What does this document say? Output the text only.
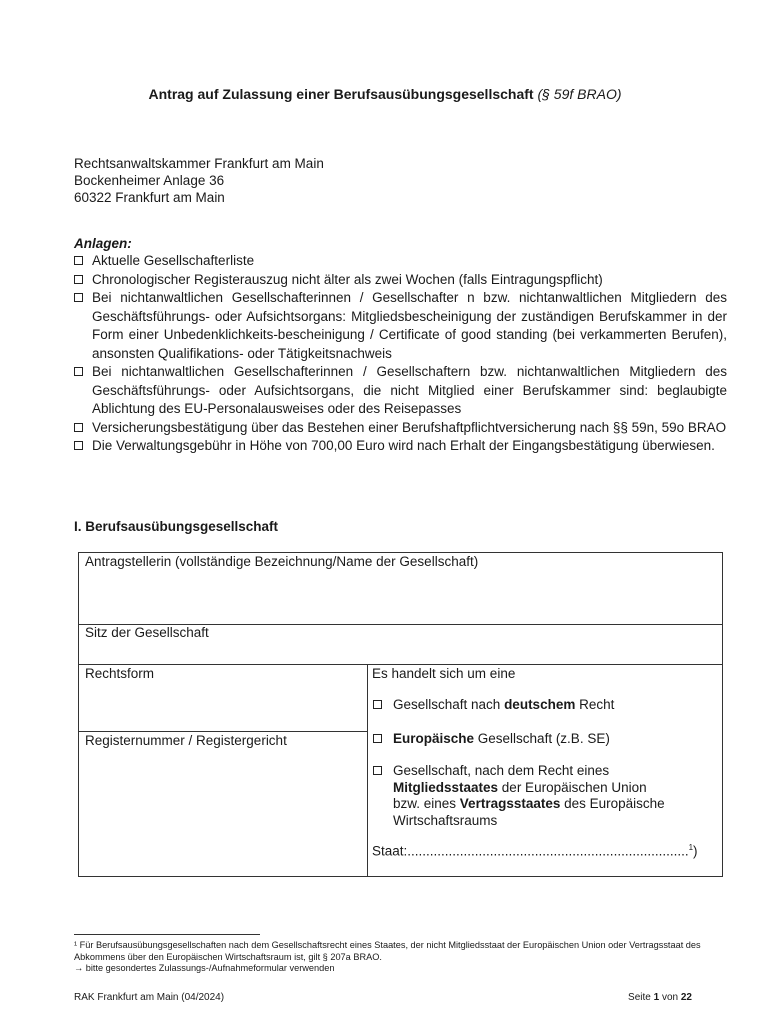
Antrag auf Zulassung einer Berufsausübungsgesellschaft (§ 59f BRAO)
Rechtsanwaltskammer Frankfurt am Main
Bockenheimer Anlage 36
60322 Frankfurt am Main
Anlagen:
Aktuelle Gesellschafterliste
Chronologischer Registerauszug nicht älter als zwei Wochen (falls Eintragungspflicht)
Bei nichtanwaltlichen Gesellschafterinnen / Gesellschafter n bzw. nichtanwaltlichen Mitgliedern des Geschäftsführungs- oder Aufsichtsorgans: Mitgliedsbescheinigung der zuständigen Berufskammer in der Form einer Unbedenklichkeits-bescheinigung / Certificate of good standing (bei verkammerten Berufen), ansonsten Qualifikations- oder Tätigkeitsnachweis
Bei nichtanwaltlichen Gesellschafterinnen / Gesellschaftern bzw. nichtanwaltlichen Mitgliedern des Geschäftsführungs- oder Aufsichtsorgans, die nicht Mitglied einer Berufskammer sind: beglaubigte Ablichtung des EU-Personalausweises oder des Reisepasses
Versicherungsbestätigung über das Bestehen einer Berufshaftpflichtversicherung nach §§ 59n, 59o BRAO
Die Verwaltungsgebühr in Höhe von 700,00 Euro wird nach Erhalt der Eingangsbestätigung überwiesen.
I. Berufsausübungsgesellschaft
Antragstellerin (vollständige Bezeichnung/Name der Gesellschaft)
Sitz der Gesellschaft
Rechtsform
Registernummer / Registergericht
Es handelt sich um eine
Gesellschaft nach deutschem Recht
Europäische Gesellschaft (z.B. SE)
Gesellschaft, nach dem Recht eines Mitgliedsstaates der Europäischen Union bzw. eines Vertragsstaates des Europäische Wirtschaftsraums
Staat:...........................................................................$^1$)
¹ Für Berufsausübungsgesellschaften nach dem Gesellschaftsrecht eines Staates, der nicht Mitgliedsstaat der Europäischen Union oder Vertragsstaat des Abkommens über den Europäischen Wirtschaftsraum ist, gilt § 207a BRAO.
→ bitte gesondertes Zulassungs-/Aufnahmeformular verwenden
RAK Frankfurt am Main (04/2024)	Seite 1 von 22
